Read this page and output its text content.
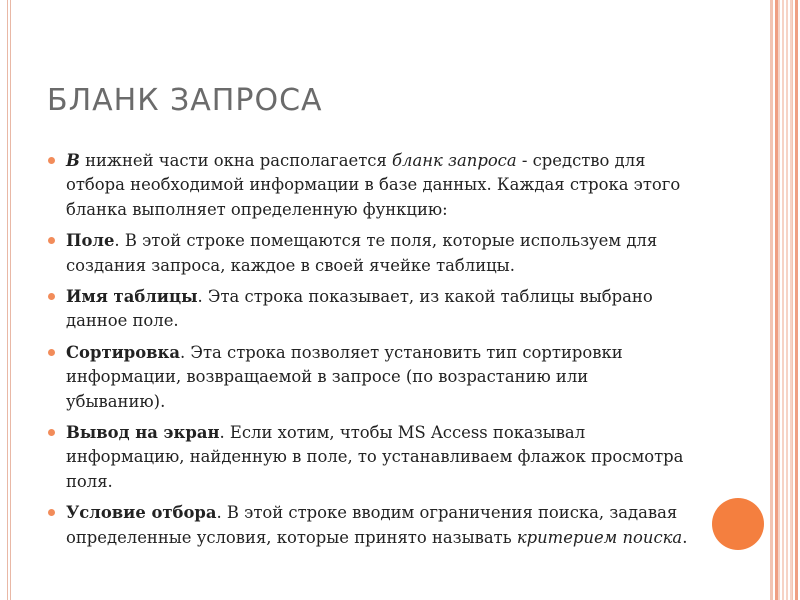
БЛАНК ЗАПРОСА
В нижней части окна располагается бланк запроса - средство для отбора необходимой информации в базе данных. Каждая строка этого бланка выполняет определенную функцию:
Поле. В этой строке помещаются те поля, которые используем для создания запроса, каждое в своей ячейке таблицы.
Имя таблицы. Эта строка показывает, из какой таблицы выбрано данное поле.
Сортировка. Эта строка позволяет установить тип сортировки информации, возвращаемой в запросе (по возрастанию или убыванию).
Вывод на экран. Если хотим, чтобы MS Access показывал информацию, найденную в поле, то устанавливаем флажок просмотра поля.
Условие отбора. В этой строке вводим ограничения поиска, задавая определенные условия, которые принято называть критерием поиска.
